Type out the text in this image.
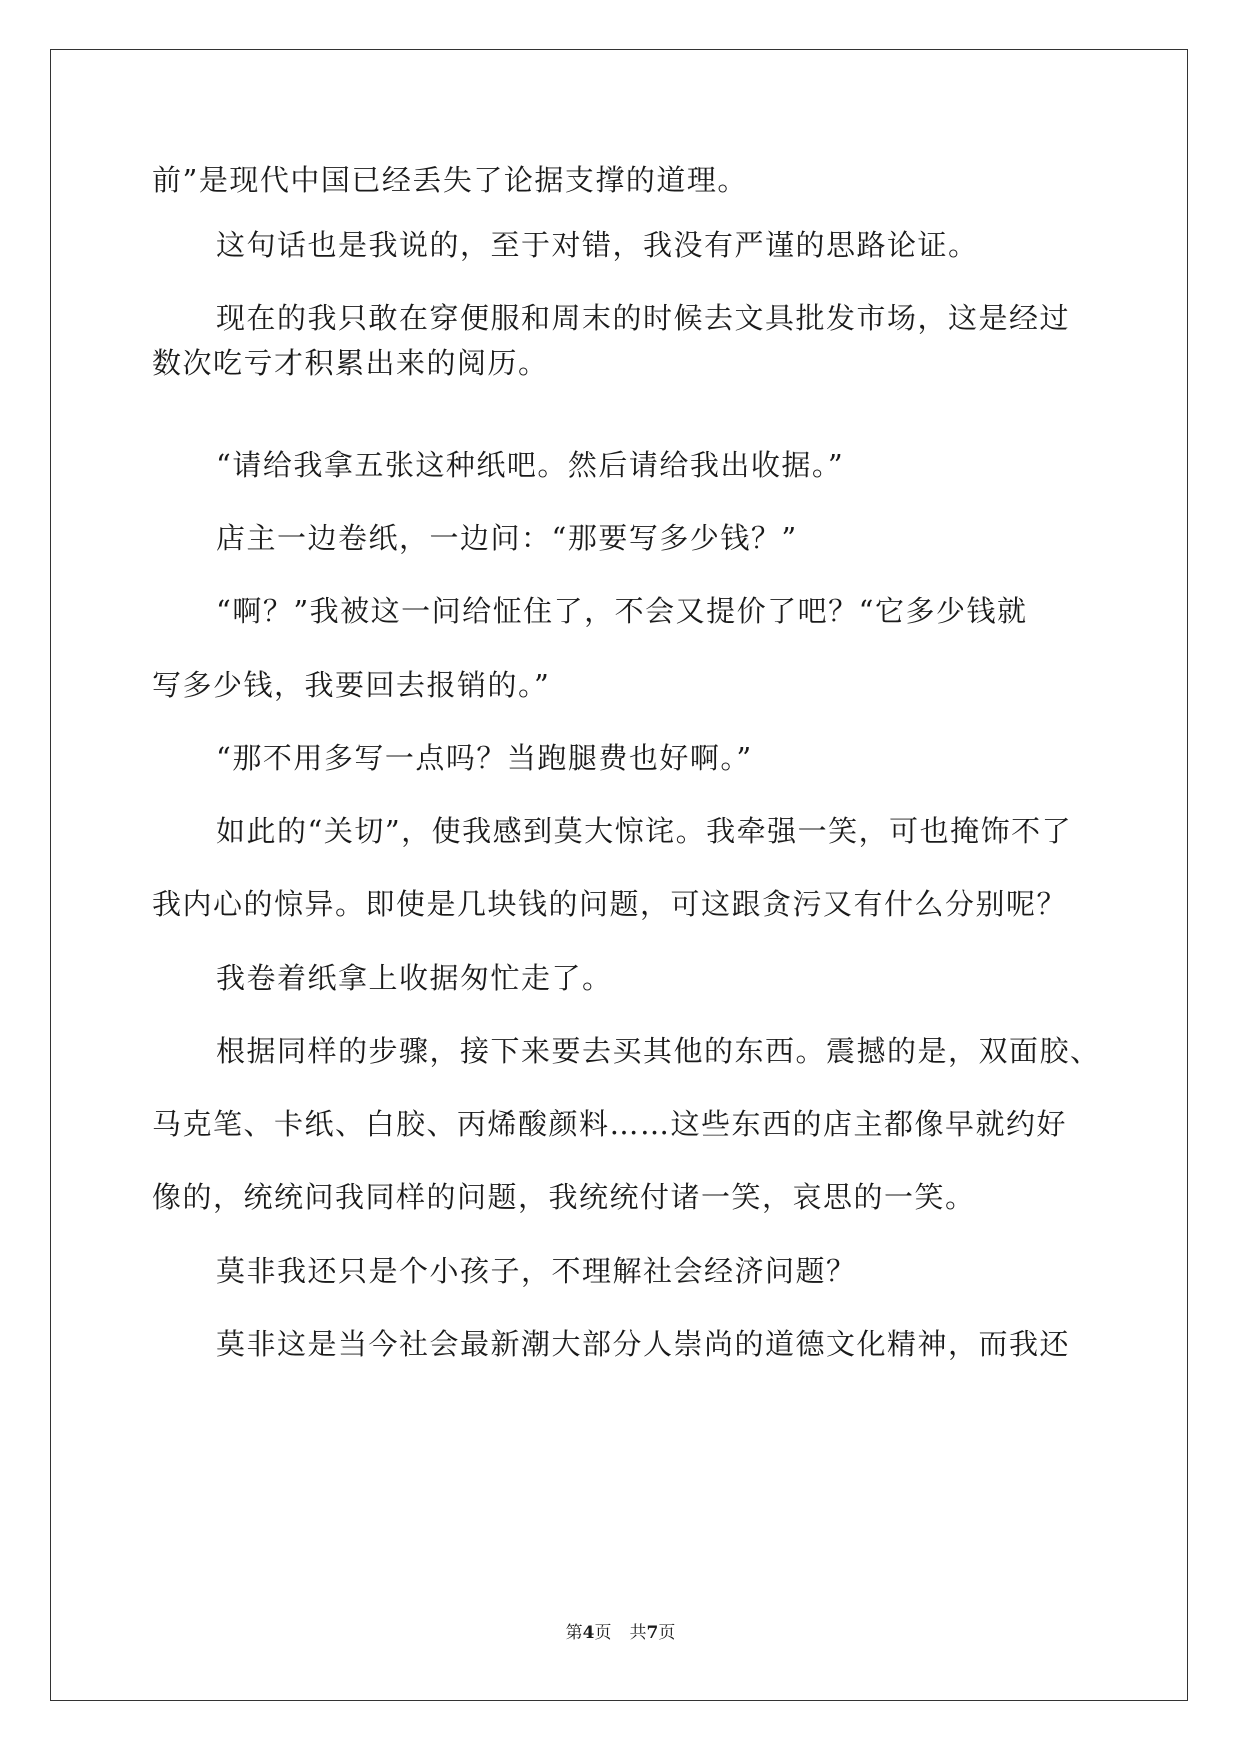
前”是现代中国已经丢失了论据支撑的道理。
这句话也是我说的，至于对错，我没有严谨的思路论证。
现在的我只敢在穿便服和周末的时候去文具批发市场，这是经过
数次吃亏才积累出来的阅历。
“请给我拿五张这种纸吧。然后请给我出收据。”
店主一边卷纸，一边问：“那要写多少钱？”
“啊？”我被这一问给怔住了，不会又提价了吧？“它多少钱就
写多少钱，我要回去报销的。”
“那不用多写一点吗？当跑腿费也好啊。”
如此的“关切”，使我感到莫大惊诧。我牵强一笑，可也掩饰不了
我内心的惊异。即使是几块钱的问题，可这跟贪污又有什么分别呢？
我卷着纸拿上收据匆忙走了。
根据同样的步骤，接下来要去买其他的东西。震撼的是，双面胶、
马克笔、卡纸、白胶、丙烯酸颜料……这些东西的店主都像早就约好
像的，统统问我同样的问题，我统统付诸一笑，哀思的一笑。
莫非我还只是个小孩子，不理解社会经济问题？
莫非这是当今社会最新潮大部分人崇尚的道德文化精神，而我还
第4页 共7页
